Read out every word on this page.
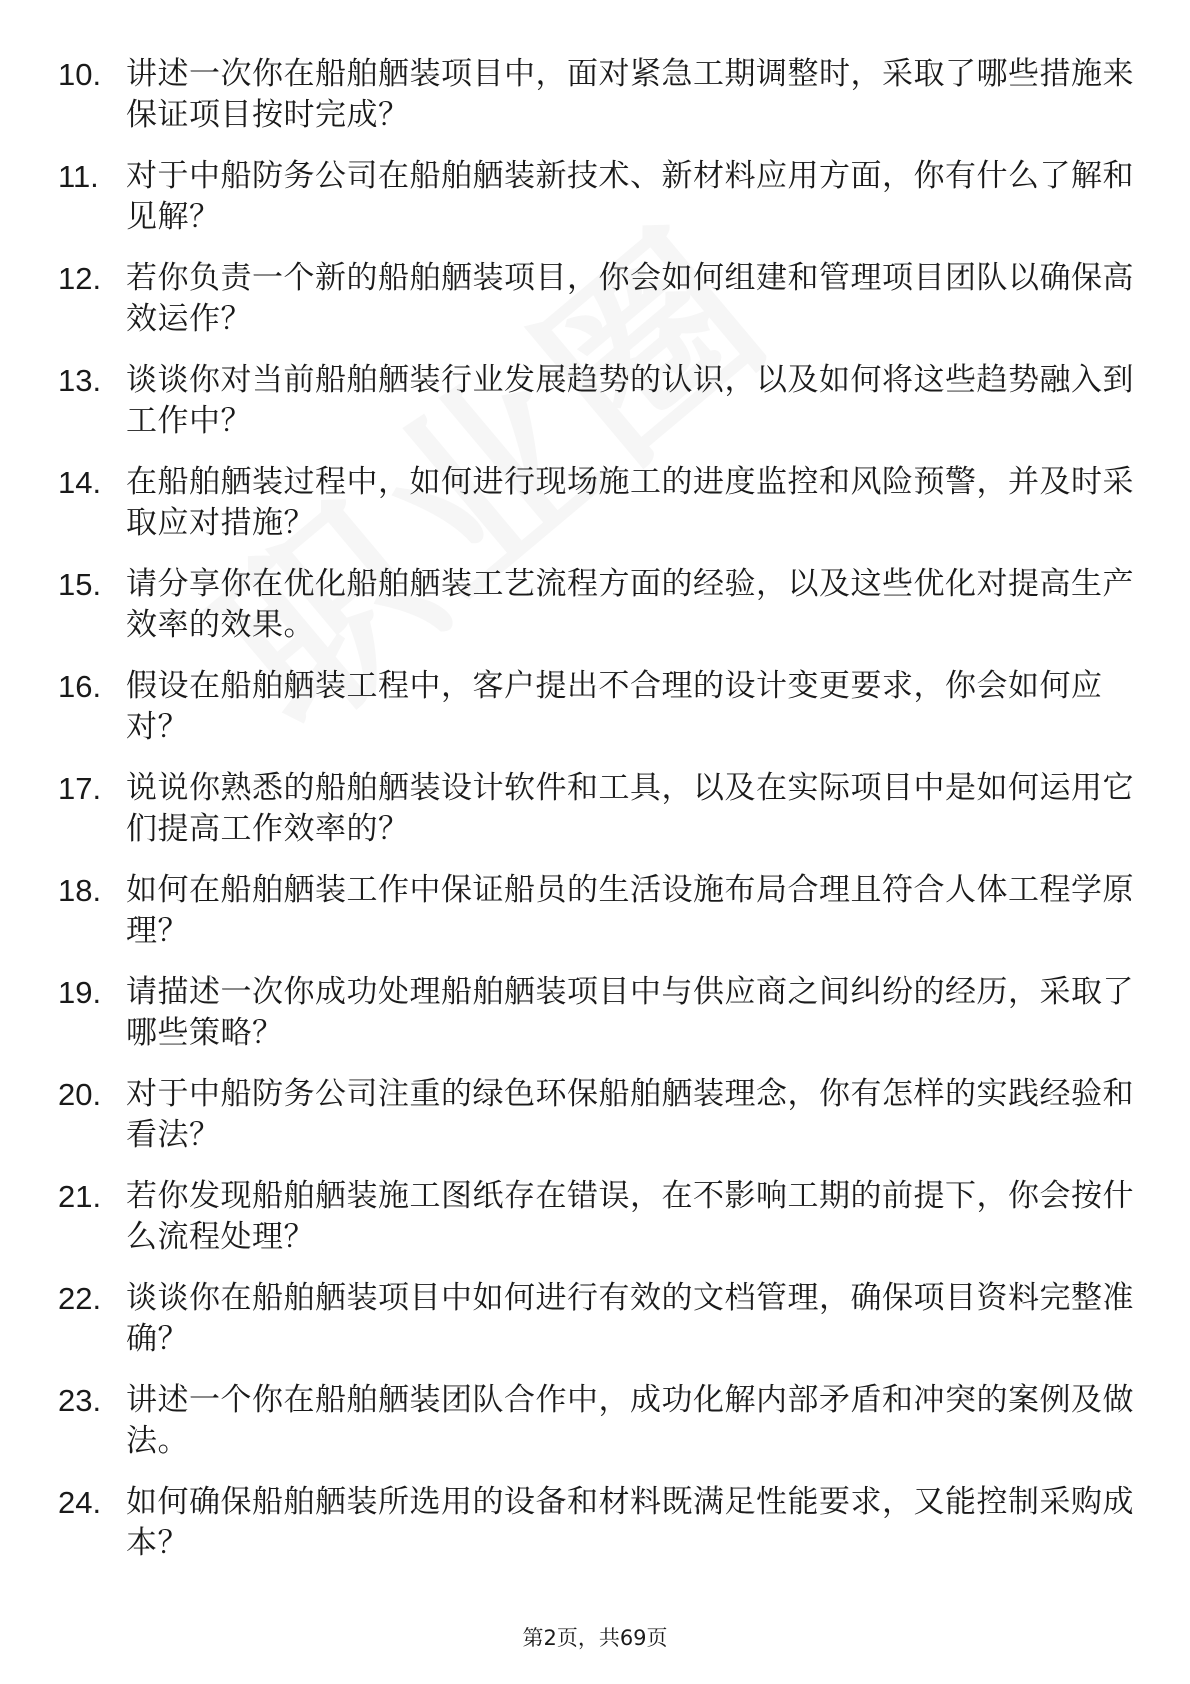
10. 讲述一次你在船舶舾装项目中，面对紧急工期调整时，采取了哪些措施来保证项目按时完成？
11. 对于中船防务公司在船舶舾装新技术、新材料应用方面，你有什么了解和见解？
12. 若你负责一个新的船舶舾装项目，你会如何组建和管理项目团队以确保高效运作？
13. 谈谈你对当前船舶舾装行业发展趋势的认识，以及如何将这些趋势融入到工作中？
14. 在船舶舾装过程中，如何进行现场施工的进度监控和风险预警，并及时采取应对措施？
15. 请分享你在优化船舶舾装工艺流程方面的经验，以及这些优化对提高生产效率的效果。
16. 假设在船舶舾装工程中，客户提出不合理的设计变更要求，你会如何应对？
17. 说说你熟悉的船舶舾装设计软件和工具，以及在实际项目中是如何运用它们提高工作效率的？
18. 如何在船舶舾装工作中保证船员的生活设施布局合理且符合人体工程学原理？
19. 请描述一次你成功处理船舶舾装项目中与供应商之间纠纷的经历，采取了哪些策略？
20. 对于中船防务公司注重的绿色环保船舶舾装理念，你有怎样的实践经验和看法？
21. 若你发现船舶舾装施工图纸存在错误，在不影响工期的前提下，你会按什么流程处理？
22. 谈谈你在船舶舾装项目中如何进行有效的文档管理，确保项目资料完整准确？
23. 讲述一个你在船舶舾装团队合作中，成功化解内部矛盾和冲突的案例及做法。
24. 如何确保船舶舾装所选用的设备和材料既满足性能要求，又能控制采购成本？
第2页，共69页
